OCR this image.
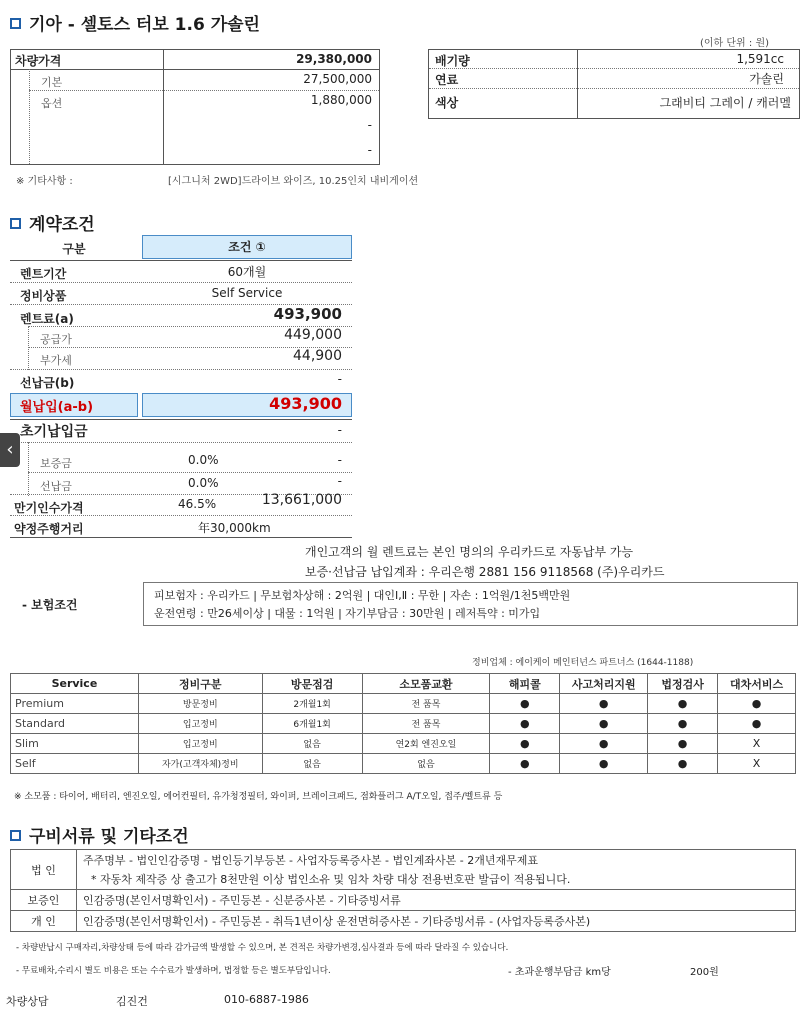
기아 - 셀토스 터보 1.6 가솔린
(이하 단위 : 원)
차량가격	29,380,000
기본	27,500,000
옵션	1,880,000
-
-
배기량	1,591cc
연료	가솔린
색상	그래비티 그레이 / 캐러멜
※ 기타사항 :	[시그니처 2WD]드라이브 와이즈, 10.25인치 내비게이션
계약조건
구분	조건 ①
렌트기간	60개월
정비상품	Self Service
렌트료(a)	493,900
공급가	449,000
부가세	44,900
선납금(b)	-
월납입(a-b)	493,900
초기납입금	-
보증금	0.0%	-
선납금	0.0%	-
만기인수가격	46.5%	13,661,000
약정주행거리	年30,000km
개인고객의 월 렌트료는 본인 명의의 우리카드로 자동납부 가능
보증·선납금 납입계좌 : 우리은행 2881 156 9118568 (주)우리카드
- 보험조건
피보험자 : 우리카드 | 무보험차상해 : 2억원 | 대인Ⅰ,Ⅱ : 무한 | 자손 : 1억원/1천5백만원
운전연령 : 만26세이상 | 대물 : 1억원 | 자기부담금 : 30만원 | 레저특약 : 미가입
정비업체 : 에이케이 메인터넌스 파트너스 (1644-1188)
Service	정비구분	방문점검	소모품교환	해피콜	사고처리지원	법정검사	대차서비스
Premium	방문정비	2개월1회	전 품목	●	●	●	●
Standard	입고정비	6개월1회	전 품목	●	●	●	●
Slim	입고정비	없음	연2회 엔진오일	●	●	●	X
Self	자가(고객자체)정비	없음	없음	●	●	●	X
※ 소모품 : 타이어, 배터리, 엔진오일, 에어컨필터, 유가청정필터, 와이퍼, 브레이크패드, 점화플러그 A/T오일, 접주/벨트류 등
구비서류 및 기타조건
법 인	주주명부 - 법인인감증명 - 법인등기부등본 - 사업자등록증사본 - 법인계좌사본 - 2개년재무제표
* 자동차 제작증 상 출고가 8천만원 이상 법인소유 및 임차 차량 대상 전용번호판 발급이 적용됩니다.

보증인	인감증명(본인서명확인서) - 주민등본 - 신분증사본 - 기타증빙서류
개 인	인감증명(본인서명확인서) - 주민등본 - 취득1년이상 운전면허증사본 - 기타증빙서류 - (사업자등록증사본)
- 차량반납시 구매자리,차량상태 등에 따라 감가금액 발생할 수 있으며, 본 견적은 차량가변경,심사결과 등에 따라 달라질 수 있습니다.
- 무료배차,수리시 별도 비용은 또는 수수료가 발생하며, 법정할 등은 별도부담입니다.	- 초과운행부담금 km당	200원
차량상담	김진건	010-6887-1986
‹
